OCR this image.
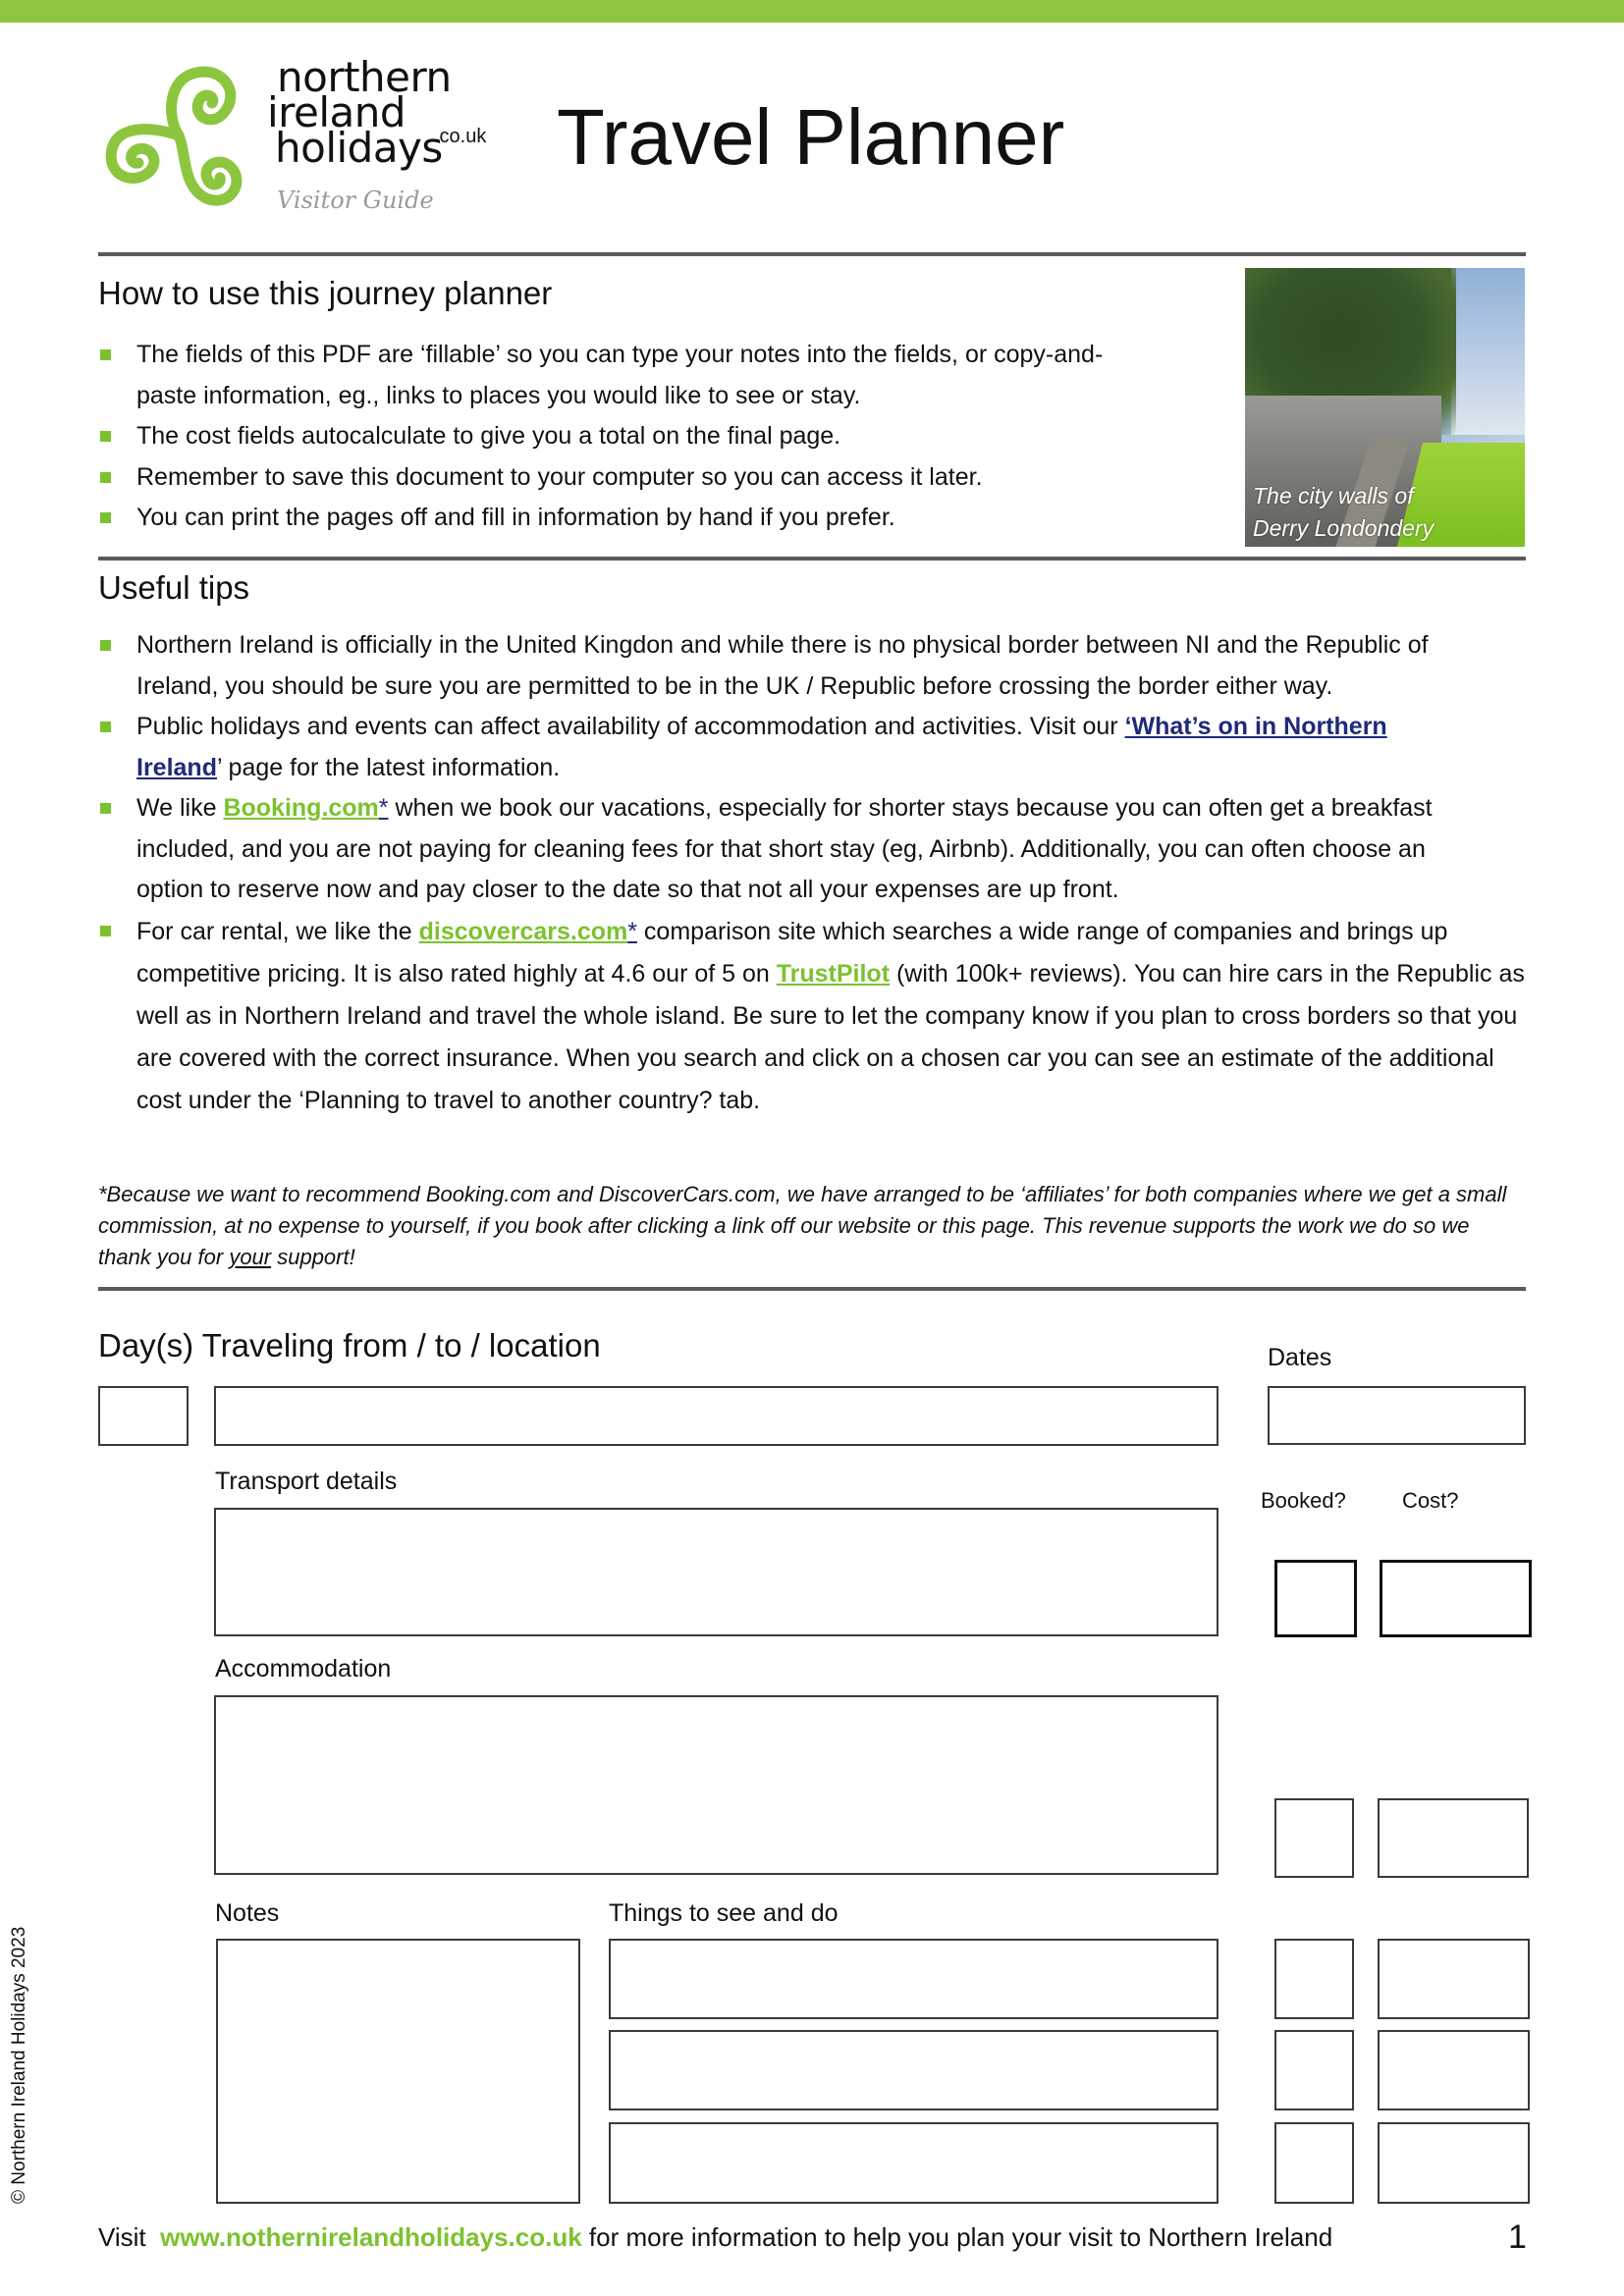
northern
ireland
holidays
.co.uk
Visitor Guide
Travel Planner
How to use this journey planner
The fields of this PDF are ‘fillable’ so you can type your notes into the fields, or copy-and-paste information, eg., links to places you would like to see or stay.
The cost fields autocalculate to give you a total on the final page.
Remember to save this document to your computer so you can access it later.
You can print the pages off and fill in information by hand if you prefer.
The city walls of
Derry Londondery
Useful tips
Northern Ireland is officially in the United Kingdon and while there is no physical border between NI and the Republic of Ireland, you should be sure you are permitted to be in the UK / Republic before crossing the border either way.
Public holidays and events can affect availability of accommodation and activities. Visit our ‘What’s on in Northern Ireland’ page for the latest information.
We like Booking.com* when we book our vacations, especially for shorter stays because you can often get a breakfast included, and you are not paying for cleaning fees for that short stay (eg, Airbnb). Additionally, you can often choose an option to reserve now and pay closer to the date so that not all your expenses are up front.
For car rental, we like the discovercars.com* comparison site which searches a wide range of companies and brings up competitive pricing. It is also rated highly at 4.6 our of 5 on TrustPilot (with 100k+ reviews). You can hire cars in the Republic as well as in Northern Ireland and travel the whole island. Be sure to let the company know if you plan to cross borders so that you are covered with the correct insurance. When you search and click on a chosen car you can see an estimate of the additional cost under the ‘Planning to travel to another country? tab.
*Because we want to recommend Booking.com and DiscoverCars.com, we have arranged to be ‘affiliates’ for both companies where we get a small commission, at no expense to yourself, if you book after clicking a link off our website or this page. This revenue supports the work we do so we thank you for your support!
Day(s) Traveling from / to / location	Dates
Transport details
Booked?	Cost?
Accommodation
Notes	Things to see and do
Visit www.nothernirelandholidays.co.uk for more information to help you plan your visit to Northern Ireland	1
© Northern Ireland Holidays 2023
